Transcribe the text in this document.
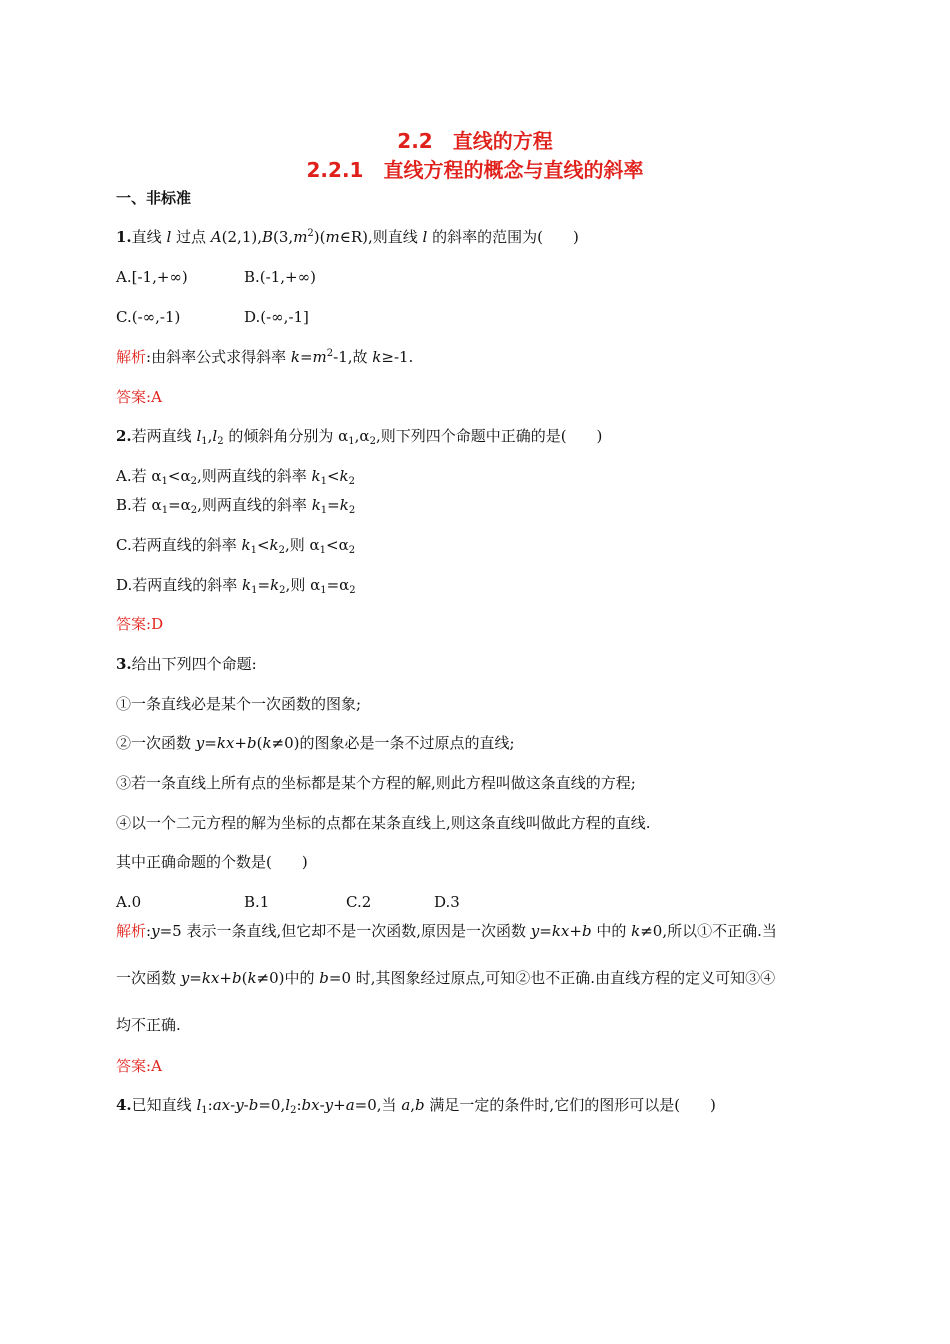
2.2　直线的方程
2.2.1　直线方程的概念与直线的斜率
一、非标准
1.直线 l 过点 $A(2,1),B(3,m^2)(m\in R)$,则直线 l 的斜率的范围为(　　)
A.[-1,+∞)	B.(-1,+∞)
C.(-∞,-1)	D.(-∞,-1]
解析:由斜率公式求得斜率 $k=m^2-1$,故 k≥-1.
答案:A
2.若两直线 $l_1,l_2$ 的倾斜角分别为 $\alpha_1,\alpha_2$,则下列四个命题中正确的是(　　)
A.若 $\alpha_1<\alpha_2$,则两直线的斜率 $k_1<k_2$
B.若 $\alpha_1=\alpha_2$,则两直线的斜率 $k_1=k_2$
C.若两直线的斜率 $k_1<k_2$,则 $\alpha_1<\alpha_2$
D.若两直线的斜率 $k_1=k_2$,则 $\alpha_1=\alpha_2$
答案:D
3.给出下列四个命题:
①一条直线必是某个一次函数的图象;
②一次函数 y=kx+b(k≠0)的图象必是一条不过原点的直线;
③若一条直线上所有点的坐标都是某个方程的解,则此方程叫做这条直线的方程;
④以一个二元方程的解为坐标的点都在某条直线上,则这条直线叫做此方程的直线.
其中正确命题的个数是(　　)
A.0	B.1	C.2	D.3
解析:y=5 表示一条直线,但它却不是一次函数,原因是一次函数 y=kx+b 中的 k≠0,所以①不正确.当
一次函数 y=kx+b(k≠0)中的 b=0 时,其图象经过原点,可知②也不正确.由直线方程的定义可知③④
均不正确.
答案:A
4.已知直线 $l_1:ax-y-b=0,l_2:bx-y+a=0$,当 a,b 满足一定的条件时,它们的图形可以是(　　)
